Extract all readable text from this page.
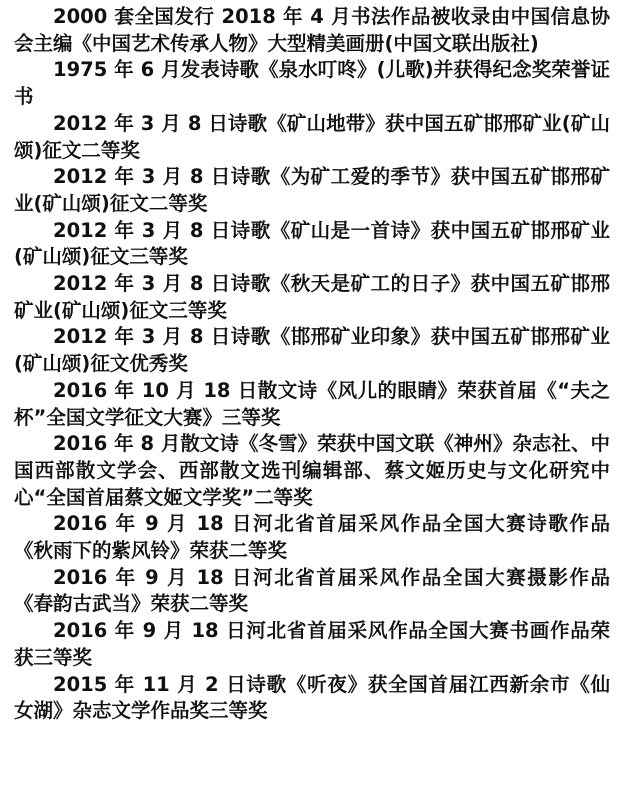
2000 套全国发行 2018 年 4 月书法作品被收录由中国信息协会主编《中国艺术传承人物》大型精美画册(中国文联出版社)

1975 年 6 月发表诗歌《泉水叮咚》(儿歌)并获得纪念奖荣誉证书

2012 年 3 月 8 日诗歌《矿山地带》获中国五矿邯邢矿业(矿山颂)征文二等奖

2012 年 3 月 8 日诗歌《为矿工爱的季节》获中国五矿邯邢矿业(矿山颂)征文二等奖

2012 年 3 月 8 日诗歌《矿山是一首诗》获中国五矿邯邢矿业(矿山颂)征文三等奖

2012 年 3 月 8 日诗歌《秋天是矿工的日子》获中国五矿邯邢矿业(矿山颂)征文三等奖

2012 年 3 月 8 日诗歌《邯邢矿业印象》获中国五矿邯邢矿业(矿山颂)征文优秀奖

2016 年 10 月 18 日散文诗《风儿的眼睛》荣获首届《“夫之杯”全国文学征文大赛》三等奖

2016 年 8 月散文诗《冬雪》荣获中国文联《神州》杂志社、中国西部散文学会、西部散文选刊编辑部、蔡文姬历史与文化研究中心“全国首届蔡文姬文学奖”二等奖

2016 年 9 月 18 日河北省首届采风作品全国大赛诗歌作品《秋雨下的紫风铃》荣获二等奖

2016 年 9 月 18 日河北省首届采风作品全国大赛摄影作品《春韵古武当》荣获二等奖

2016 年 9 月 18 日河北省首届采风作品全国大赛书画作品荣获三等奖

2015 年 11 月 2 日诗歌《听夜》获全国首届江西新余市《仙女湖》杂志文学作品奖三等奖
